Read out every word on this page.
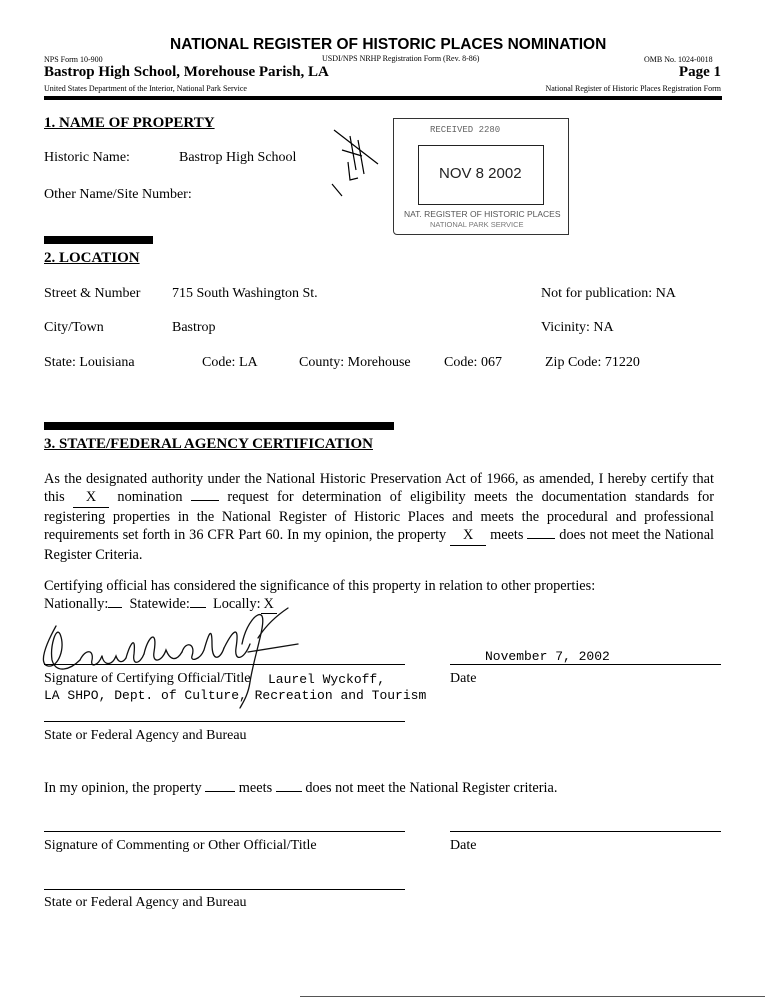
NATIONAL REGISTER OF HISTORIC PLACES NOMINATION
NPS Form 10-900	USDI/NPS NRHP Registration Form (Rev. 8-86)	OMB No. 1024-0018
Bastrop High School, Morehouse Parish, LA	Page 1
United States Department of the Interior, National Park Service	National Register of Historic Places Registration Form
1. NAME OF PROPERTY
Historic Name:	Bastrop High School
Other Name/Site Number:
RECEIVED 2280
NOV 8 2002
NAT. REGISTER OF HISTORIC PLACES
NATIONAL PARK SERVICE
2. LOCATION
Street & Number 715 South Washington St.	Not for publication: NA
City/Town	Bastrop	Vicinity: NA
State: Louisiana	Code: LA	County: Morehouse Code: 067	Zip Code: 71220
3. STATE/FEDERAL AGENCY CERTIFICATION
As the designated authority under the National Historic Preservation Act of 1966, as amended, I hereby certify that this X nomination  request for determination of eligibility meets the documentation standards for registering properties in the National Register of Historic Places and meets the procedural and professional requirements set forth in 36 CFR Part 60. In my opinion, the property X meets  does not meet the National Register Criteria.
Certifying official has considered the significance of this property in relation to other properties:
Nationally: Statewide: Locally: X
November 7, 2002
Signature of Certifying Official/Title Laurel Wyckoff,
LA SHPO, Dept. of Culture, Recreation and Tourism
Date
State or Federal Agency and Bureau
In my opinion, the property	meets does not meet the National Register criteria.
Signature of Commenting or Other Official/Title	Date
State or Federal Agency and Bureau
